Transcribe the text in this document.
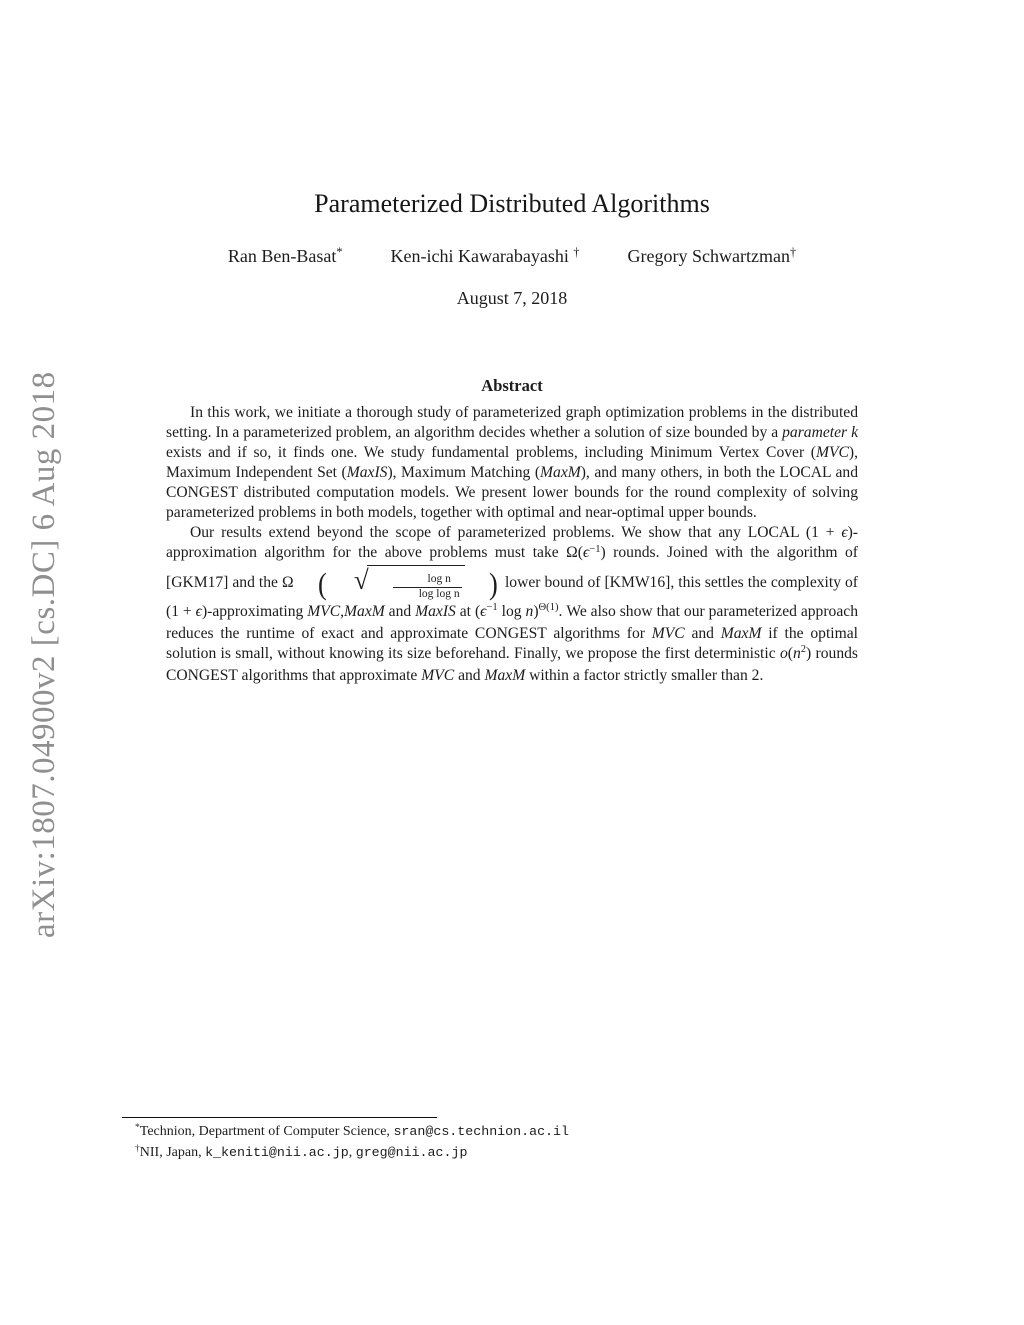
arXiv:1807.04900v2 [cs.DC] 6 Aug 2018
Parameterized Distributed Algorithms
Ran Ben-Basat*	Ken-ichi Kawarabayashi †	Gregory Schwartzman†
August 7, 2018
Abstract

In this work, we initiate a thorough study of parameterized graph optimization problems in the distributed setting. In a parameterized problem, an algorithm decides whether a solution of size bounded by a parameter k exists and if so, it finds one. We study fundamental problems, including Minimum Vertex Cover (MVC), Maximum Independent Set (MaxIS), Maximum Matching (MaxM), and many others, in both the LOCAL and CONGEST distributed computation models. We present lower bounds for the round complexity of solving parameterized problems in both models, together with optimal and near-optimal upper bounds.

Our results extend beyond the scope of parameterized problems. We show that any LOCAL (1 + ϵ)-approximation algorithm for the above problems must take $\Omega(\epsilon^{-1})$ rounds. Joined with the algorithm of [GKM17] and the Ω (	√ $\frac{\text{log n}}{\text{log log n}}$ ) lower bound of [KMW16], this settles the complexity of (1 + ϵ)-approximating MVC,MaxM and MaxIS at ($\epsilon^{-1}$ log n)$^{\Theta(1)}$. We also show that our parameterized approach reduces the runtime of exact and approximate CONGEST algorithms for MVC and MaxM if the optimal solution is small, without knowing its size beforehand. Finally, we propose the first deterministic $o(n^2)$ rounds CONGEST algorithms that approximate MVC and MaxM within a factor strictly smaller than 2.

*Technion, Department of Computer Science, sran@cs.technion.ac.il

†NII, Japan, k_keniti@nii.ac.jp, greg@nii.ac.jp
